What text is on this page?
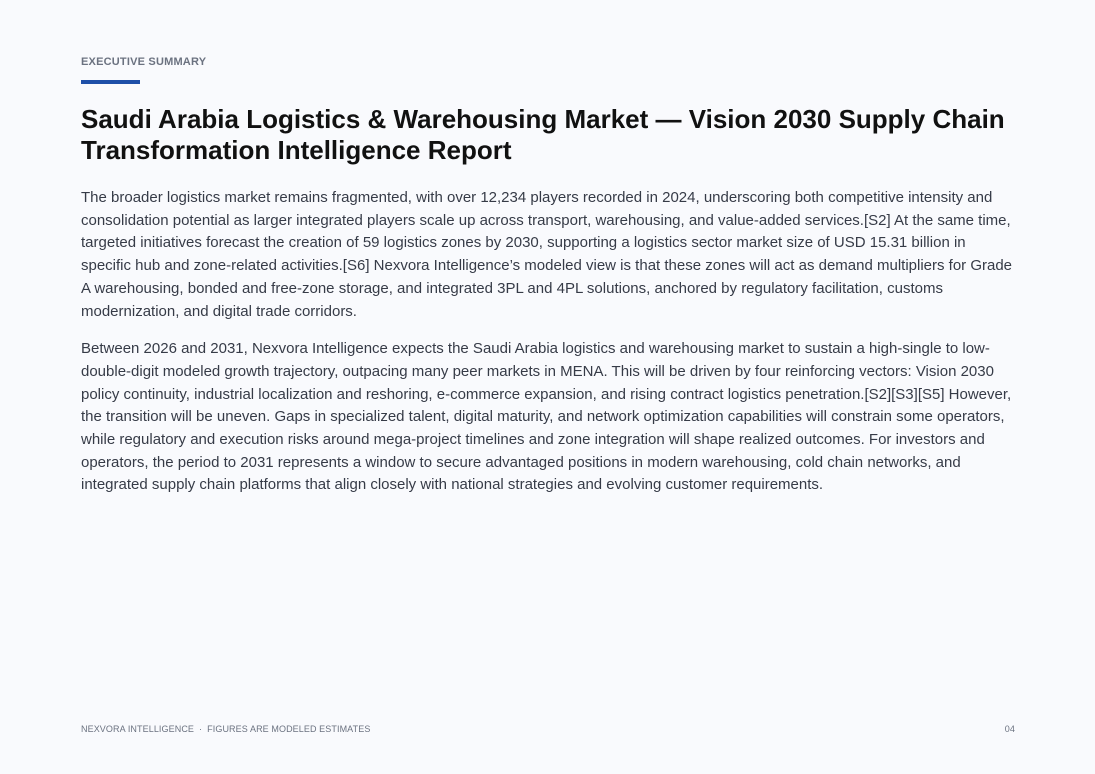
EXECUTIVE SUMMARY
Saudi Arabia Logistics & Warehousing Market — Vision 2030 Supply Chain Transformation Intelligence Report

The broader logistics market remains fragmented, with over 12,234 players recorded in 2024, underscoring both competitive intensity and consolidation potential as larger integrated players scale up across transport, warehousing, and value-added services.[S2] At the same time, targeted initiatives forecast the creation of 59 logistics zones by 2030, supporting a logistics sector market size of USD 15.31 billion in specific hub and zone-related activities.[S6] Nexvora Intelligence’s modeled view is that these zones will act as demand multipliers for Grade A warehousing, bonded and free-zone storage, and integrated 3PL and 4PL solutions, anchored by regulatory facilitation, customs modernization, and digital trade corridors.

Between 2026 and 2031, Nexvora Intelligence expects the Saudi Arabia logistics and warehousing market to sustain a high-single to low-double-digit modeled growth trajectory, outpacing many peer markets in MENA. This will be driven by four reinforcing vectors: Vision 2030 policy continuity, industrial localization and reshoring, e-commerce expansion, and rising contract logistics penetration.[S2][S3][S5] However, the transition will be uneven. Gaps in specialized talent, digital maturity, and network optimization capabilities will constrain some operators, while regulatory and execution risks around mega-project timelines and zone integration will shape realized outcomes. For investors and operators, the period to 2031 represents a window to secure advantaged positions in modern warehousing, cold chain networks, and integrated supply chain platforms that align closely with national strategies and evolving customer requirements.

NEXVORA INTELLIGENCE · FIGURES ARE MODELED ESTIMATES	04
